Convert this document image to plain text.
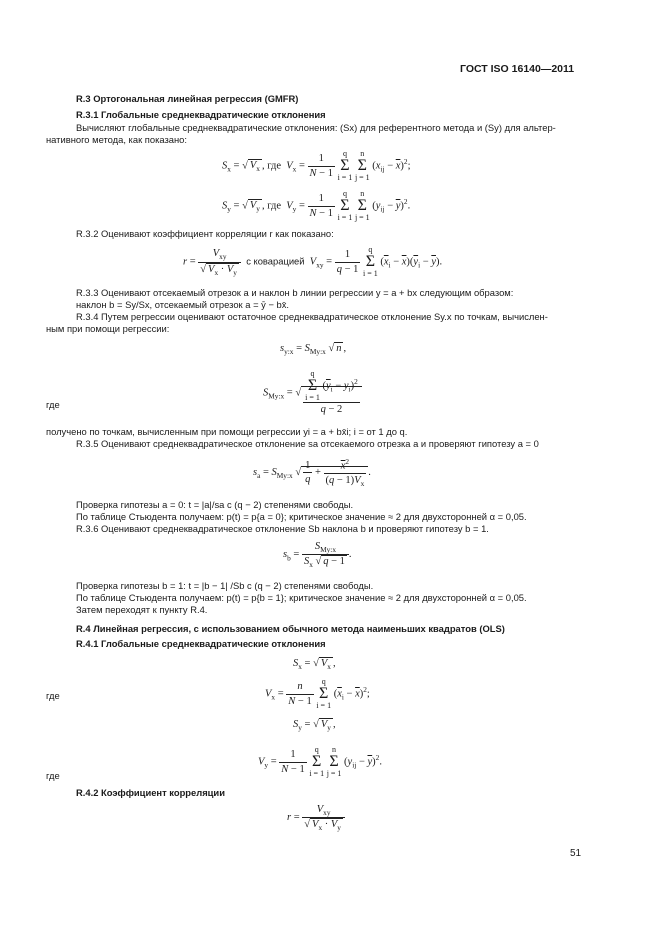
ГОСТ ISO 16140—2011
R.3 Ортогональная линейная регрессия (GMFR)
R.3.1 Глобальные среднеквадратические отклонения
Вычисляют глобальные среднеквадратические отклонения: (Sx) для референтного метода и (Sy) для альтер-
нативного метода, как показано:
$S_x$ = √ $V_x$ , где  $V_x = \frac{1}{N - 1}$ q
Σ
i = 1 n
Σ
j = 1 $(x_{ij} - \overline{x})^2$;
$S_y$ = √ $V_y$ , где  $V_y = \frac{1}{N - 1}$ q
Σ
i = 1 n
Σ
j = 1 $(y_{ij} - \overline{y})^2$.
R.3.2 Оценивают коэффициент корреляции r как показано:
$r = \frac{V_{xy}}{√ V_x \cdot V_y}$ с коварацией $V_{xy} = \frac{1}{q - 1}$ q
Σ
i = 1 $(\overline{x}_i - \overline{x})(\overline{y}_i - \overline{y})$.
R.3.3 Оценивают отсекаемый отрезок a и наклон b линии регрессии y = a + bx следующим образом:
наклон b = Sy/Sx, отсекаемый отрезок a = ȳ − bx̄.
R.3.4 Путем регрессии оценивают остаточное среднеквадратическое отклонение Sy.x по точкам, вычислен-
ным при помощи регрессии:
$s_{y:x} = S_{My:x}$ √ n ,
где
$S_{My:x}$ = √ q
Σ
i = 1 $(\overline{y}_i - y_i)^2$
q − 2
получено по точкам, вычисленным при помощи регрессии yi = a + bx̄i; i = от 1 до q.
R.3.5 Оценивают среднеквадратическое отклонение sa отсекаемого отрезка a и проверяют гипотезу a = 0
$s_a = S_{My:x}$ √ $\frac{1}{q} + \frac{\overline{x}^2}{(q - 1)V_x}$ .
Проверка гипотезы a = 0: t = |a|/sa с (q − 2) степенями свободы.
По таблице Стьюдента получаем: p(t) = p{a = 0}; критическое значение ≈ 2 для двухсторонней α = 0,05.
R.3.6 Оценивают среднеквадратическое отклонение Sb наклона b и проверяют гипотезу b = 1.
$s_b = \frac{S_{My:x}}{S_x √ q - 1}$ .
Проверка гипотезы b = 1: t = |b − 1| /Sb с (q − 2) степенями свободы.
По таблице Стьюдента получаем: p(t) = p{b = 1}; критическое значение ≈ 2 для двухсторонней α = 0,05.
Затем переходят к пункту R.4.
R.4 Линейная регрессия, с использованием обычного метода наименьших квадратов (OLS)
R.4.1 Глобальные среднеквадратические отклонения
$S_x$ = √ $V_x$ ,
где	$V_x = \frac{n}{N - 1}$ q
Σ
i = 1 $(\overline{x}_i - \overline{x})^2$;
$S_y$ = √ $V_y$ ,
где
$V_y = \frac{1}{N - 1}$ q
Σ
i = 1 n
Σ
j = 1 $(y_{ij} - \overline{y})^2$.
R.4.2 Коэффициент корреляции
$r = \frac{V_{xy}}{√ V_x \cdot V_y}$
51
